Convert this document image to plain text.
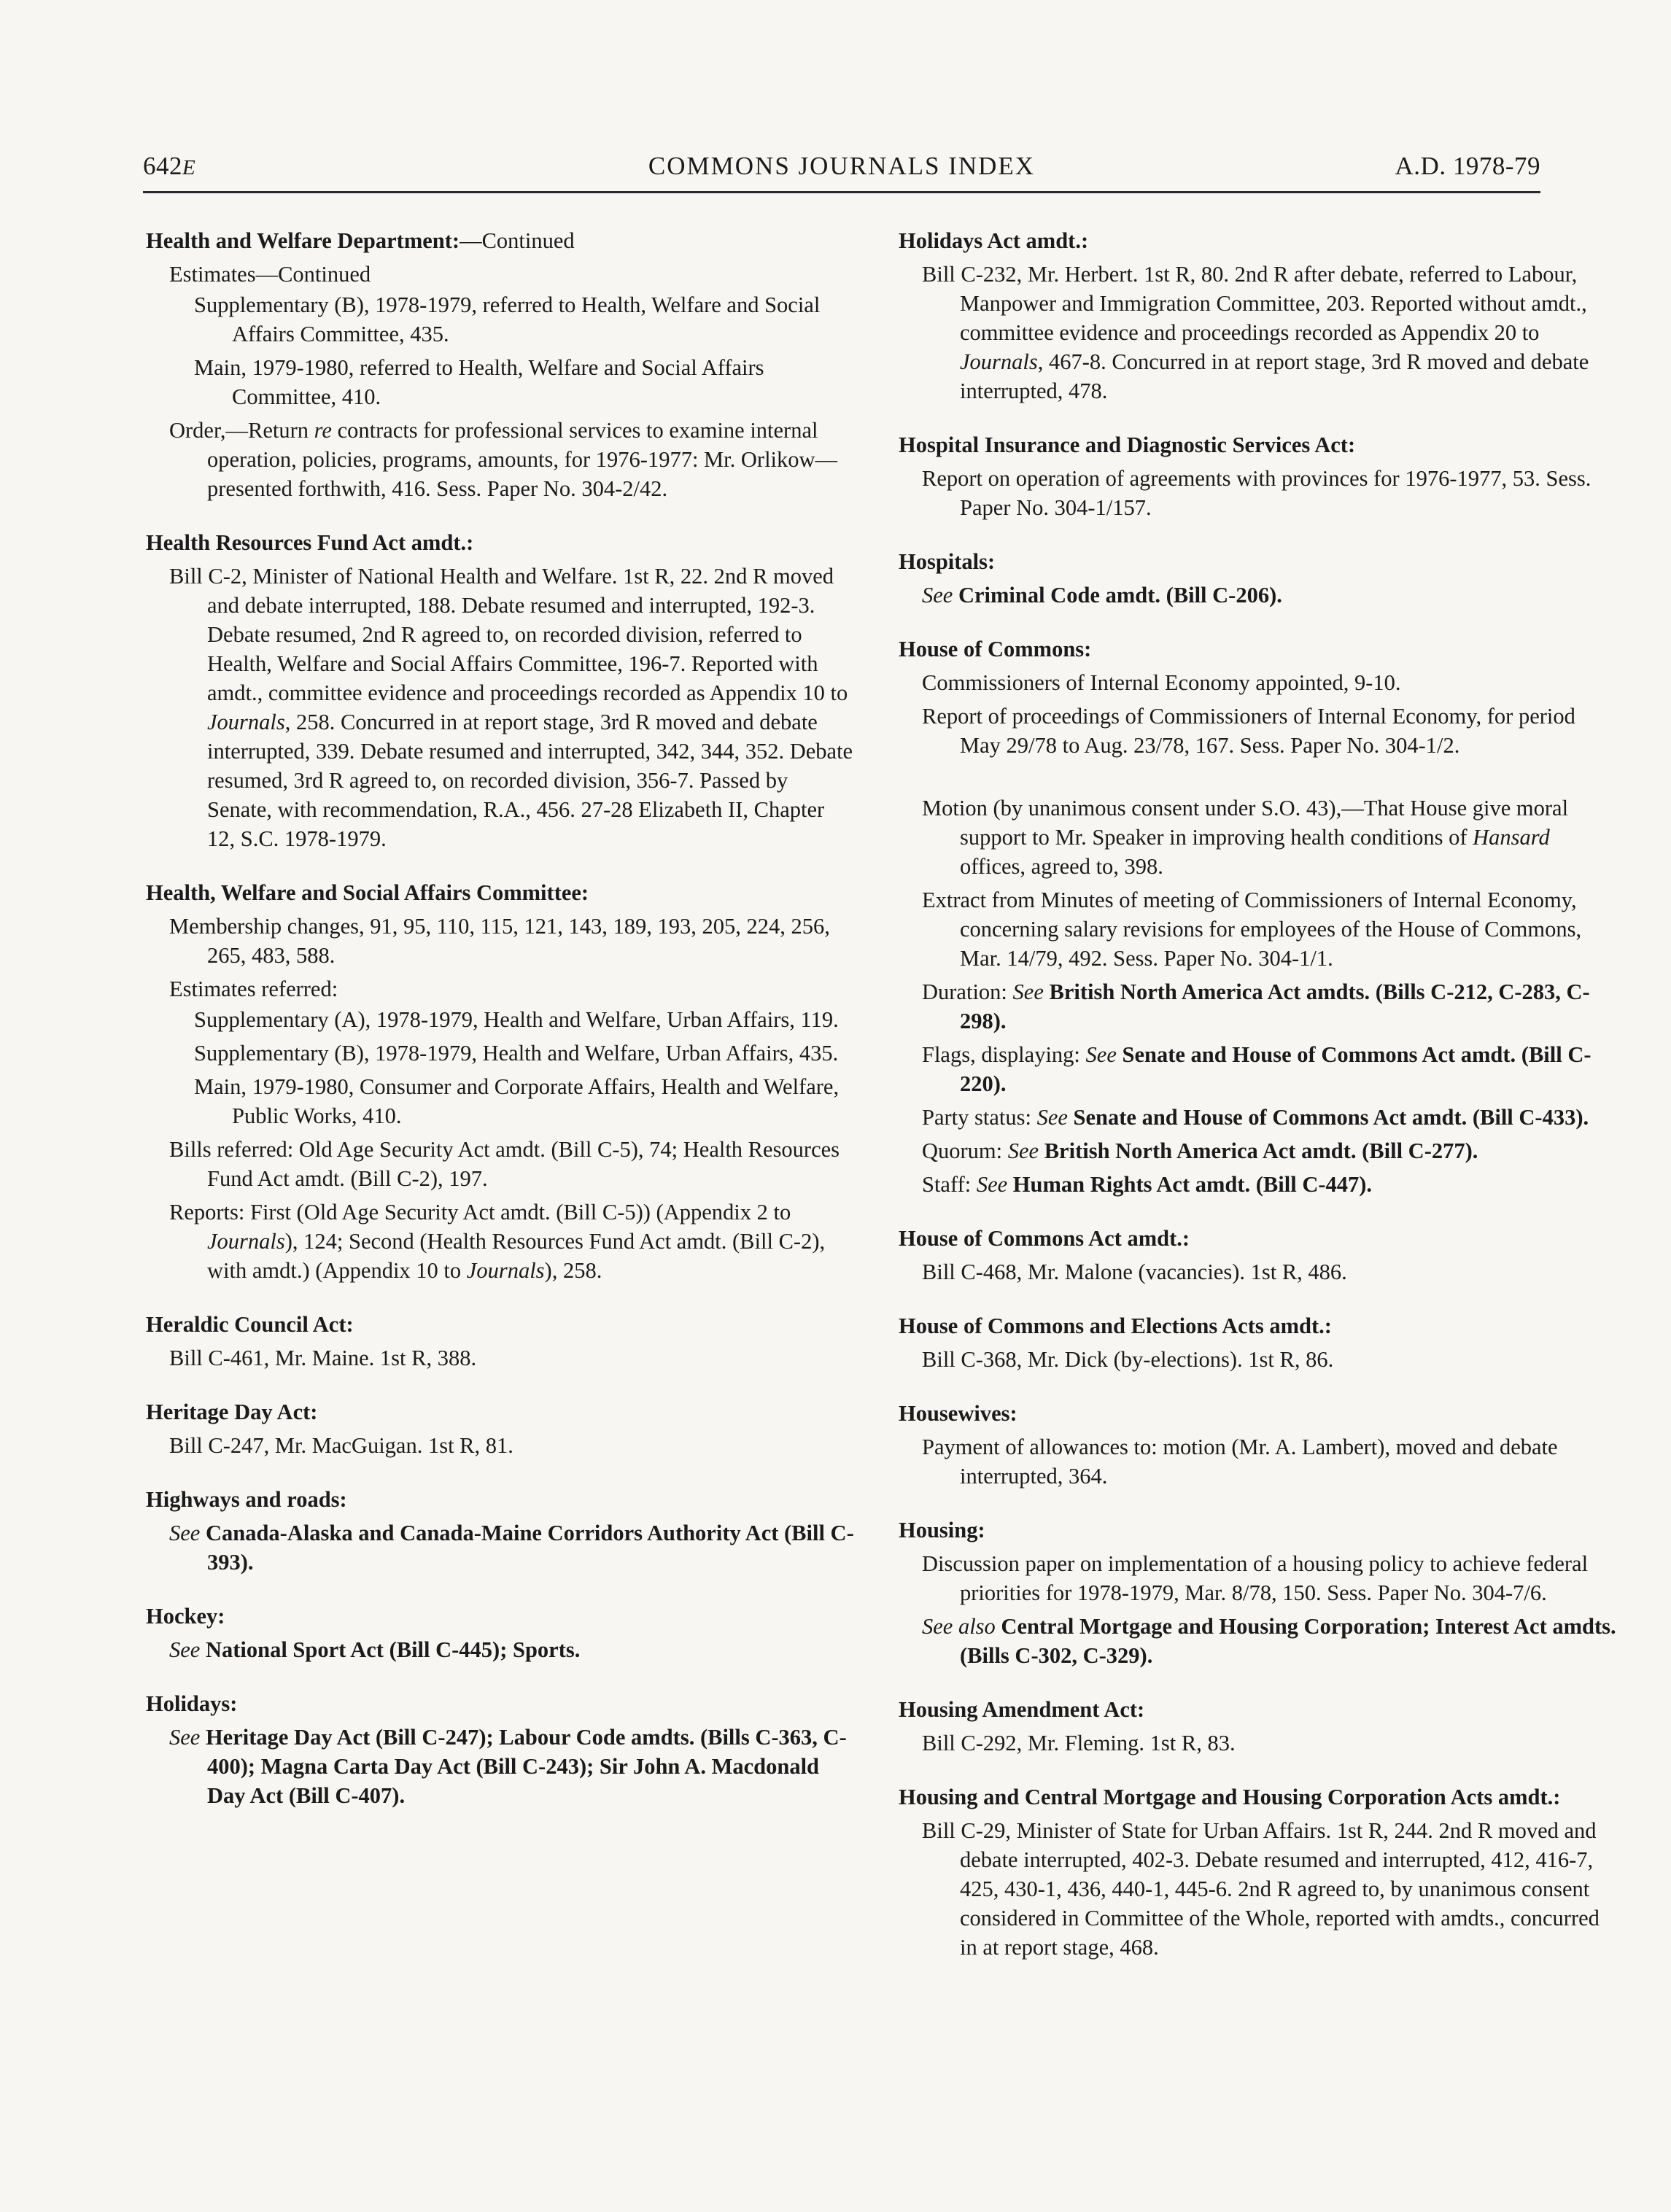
642E	COMMONS JOURNALS INDEX	A.D. 1978-79
Health and Welfare Department:—Continued
Estimates—Continued
Supplementary (B), 1978-1979, referred to Health, Welfare and Social Affairs Committee, 435.
Main, 1979-1980, referred to Health, Welfare and Social Affairs Committee, 410.
Order,—Return re contracts for professional services to examine internal operation, policies, programs, amounts, for 1976-1977: Mr. Orlikow—presented forthwith, 416. Sess. Paper No. 304-2/42.
Health Resources Fund Act amdt.:
Bill C-2, Minister of National Health and Welfare. 1st R, 22. 2nd R moved and debate interrupted, 188. Debate resumed and interrupted, 192-3. Debate resumed, 2nd R agreed to, on recorded division, referred to Health, Welfare and Social Affairs Committee, 196-7. Reported with amdt., committee evidence and proceedings recorded as Appendix 10 to Journals, 258. Concurred in at report stage, 3rd R moved and debate interrupted, 339. Debate resumed and interrupted, 342, 344, 352. Debate resumed, 3rd R agreed to, on recorded division, 356-7. Passed by Senate, with recommendation, R.A., 456. 27-28 Elizabeth II, Chapter 12, S.C. 1978-1979.
Health, Welfare and Social Affairs Committee:
Membership changes, 91, 95, 110, 115, 121, 143, 189, 193, 205, 224, 256, 265, 483, 588.
Estimates referred:
Supplementary (A), 1978-1979, Health and Welfare, Urban Affairs, 119.
Supplementary (B), 1978-1979, Health and Welfare, Urban Affairs, 435.
Main, 1979-1980, Consumer and Corporate Affairs, Health and Welfare, Public Works, 410.
Bills referred: Old Age Security Act amdt. (Bill C-5), 74; Health Resources Fund Act amdt. (Bill C-2), 197.
Reports: First (Old Age Security Act amdt. (Bill C-5)) (Appendix 2 to Journals), 124; Second (Health Resources Fund Act amdt. (Bill C-2), with amdt.) (Appendix 10 to Journals), 258.
Heraldic Council Act:
Bill C-461, Mr. Maine. 1st R, 388.
Heritage Day Act:
Bill C-247, Mr. MacGuigan. 1st R, 81.
Highways and roads:
See Canada-Alaska and Canada-Maine Corridors Authority Act (Bill C-393).
Hockey:
See National Sport Act (Bill C-445); Sports.
Holidays:
See Heritage Day Act (Bill C-247); Labour Code amdts. (Bills C-363, C-400); Magna Carta Day Act (Bill C-243); Sir John A. Macdonald Day Act (Bill C-407).
Holidays Act amdt.:
Bill C-232, Mr. Herbert. 1st R, 80. 2nd R after debate, referred to Labour, Manpower and Immigration Committee, 203. Reported without amdt., committee evidence and proceedings recorded as Appendix 20 to Journals, 467-8. Concurred in at report stage, 3rd R moved and debate interrupted, 478.
Hospital Insurance and Diagnostic Services Act:
Report on operation of agreements with provinces for 1976-1977, 53. Sess. Paper No. 304-1/157.
Hospitals:
See Criminal Code amdt. (Bill C-206).
House of Commons:
Commissioners of Internal Economy appointed, 9-10.
Report of proceedings of Commissioners of Internal Economy, for period May 29/78 to Aug. 23/78, 167. Sess. Paper No. 304-1/2.
Motion (by unanimous consent under S.O. 43),—That House give moral support to Mr. Speaker in improving health conditions of Hansard offices, agreed to, 398.
Extract from Minutes of meeting of Commissioners of Internal Economy, concerning salary revisions for employees of the House of Commons, Mar. 14/79, 492. Sess. Paper No. 304-1/1.
Duration: See British North America Act amdts. (Bills C-212, C-283, C-298).
Flags, displaying: See Senate and House of Commons Act amdt. (Bill C-220).
Party status: See Senate and House of Commons Act amdt. (Bill C-433).
Quorum: See British North America Act amdt. (Bill C-277).
Staff: See Human Rights Act amdt. (Bill C-447).
House of Commons Act amdt.:
Bill C-468, Mr. Malone (vacancies). 1st R, 486.
House of Commons and Elections Acts amdt.:
Bill C-368, Mr. Dick (by-elections). 1st R, 86.
Housewives:
Payment of allowances to: motion (Mr. A. Lambert), moved and debate interrupted, 364.
Housing:
Discussion paper on implementation of a housing policy to achieve federal priorities for 1978-1979, Mar. 8/78, 150. Sess. Paper No. 304-7/6.
See also Central Mortgage and Housing Corporation; Interest Act amdts. (Bills C-302, C-329).
Housing Amendment Act:
Bill C-292, Mr. Fleming. 1st R, 83.
Housing and Central Mortgage and Housing Corporation Acts amdt.:
Bill C-29, Minister of State for Urban Affairs. 1st R, 244. 2nd R moved and debate interrupted, 402-3. Debate resumed and interrupted, 412, 416-7, 425, 430-1, 436, 440-1, 445-6. 2nd R agreed to, by unanimous consent considered in Committee of the Whole, reported with amdts., concurred in at report stage, 468.
